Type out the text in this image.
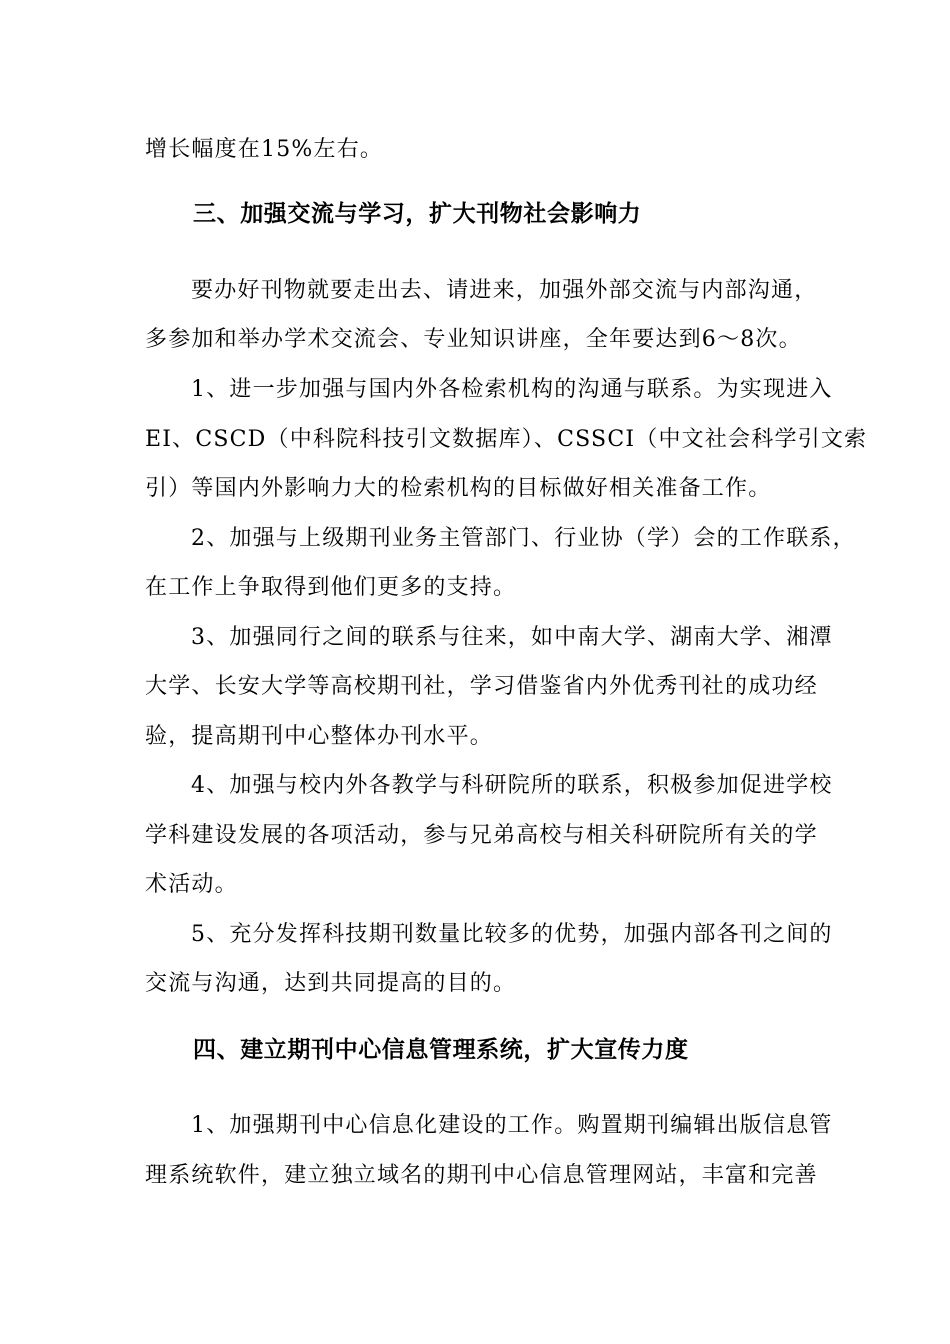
增长幅度在15%左右。
三、加强交流与学习，扩大刊物社会影响力
要办好刊物就要走出去、请进来，加强外部交流与内部沟通，
多参加和举办学术交流会、专业知识讲座，全年要达到6～8次。
1、进一步加强与国内外各检索机构的沟通与联系。为实现进入
EI、CSCD（中科院科技引文数据库）、CSSCI（中文社会科学引文索
引）等国内外影响力大的检索机构的目标做好相关准备工作。
2、加强与上级期刊业务主管部门、行业协（学）会的工作联系，
在工作上争取得到他们更多的支持。
3、加强同行之间的联系与往来，如中南大学、湖南大学、湘潭
大学、长安大学等高校期刊社，学习借鉴省内外优秀刊社的成功经
验，提高期刊中心整体办刊水平。
4、加强与校内外各教学与科研院所的联系，积极参加促进学校
学科建设发展的各项活动，参与兄弟高校与相关科研院所有关的学
术活动。
5、充分发挥科技期刊数量比较多的优势，加强内部各刊之间的
交流与沟通，达到共同提高的目的。
四、建立期刊中心信息管理系统，扩大宣传力度
1、加强期刊中心信息化建设的工作。购置期刊编辑出版信息管
理系统软件，建立独立域名的期刊中心信息管理网站，丰富和完善
